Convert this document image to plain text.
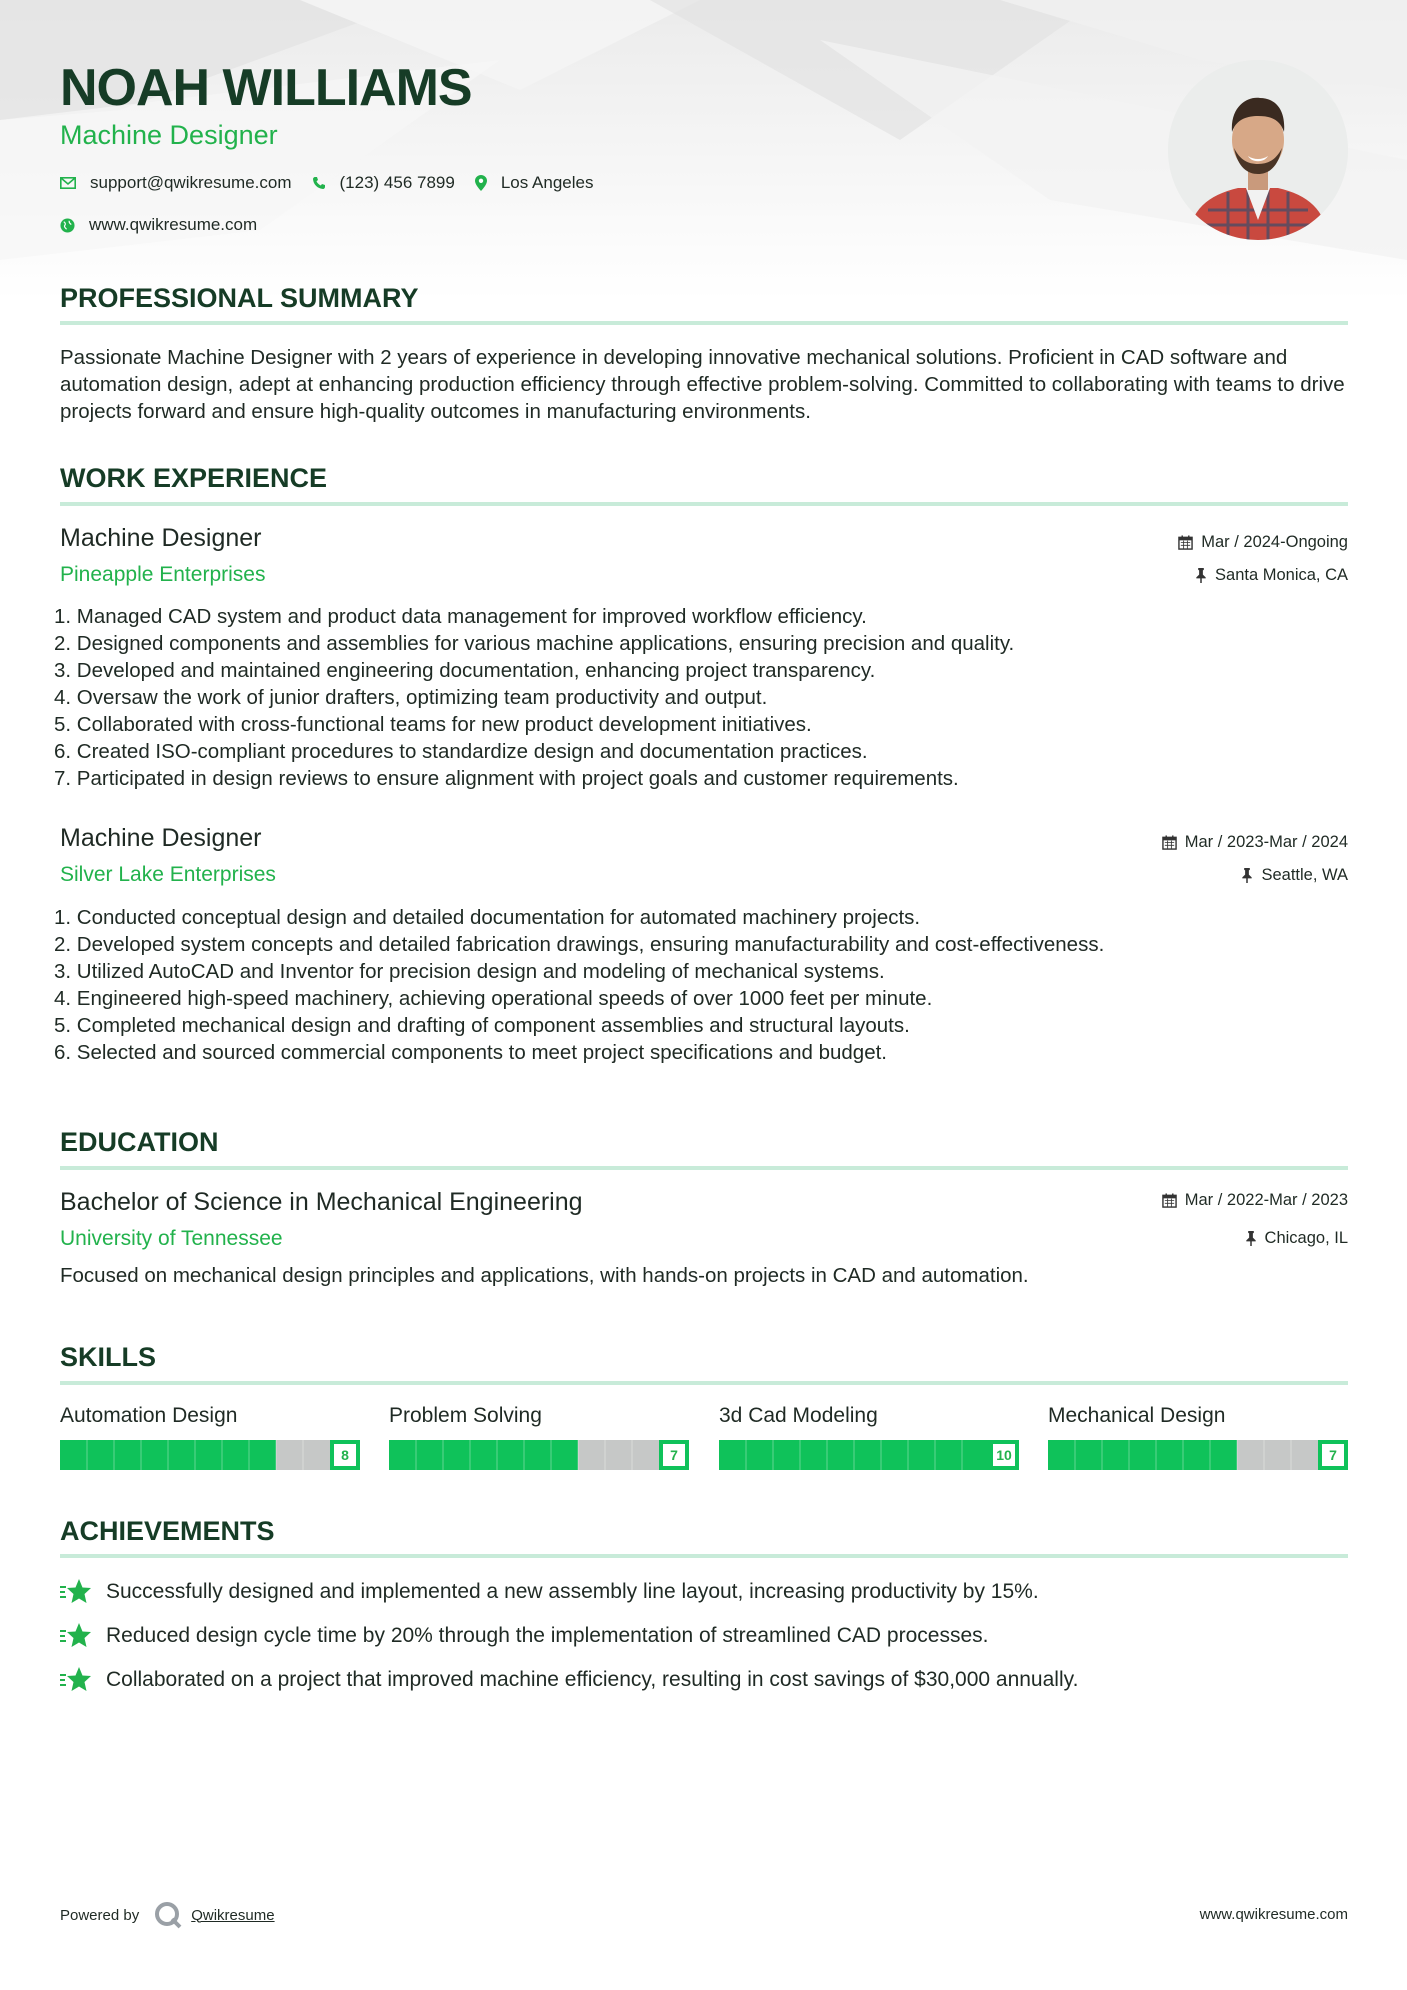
NOAH WILLIAMS
Machine Designer
support@qwikresume.com	(123) 456 7899	Los Angeles
www.qwikresume.com
PROFESSIONAL SUMMARY
Passionate Machine Designer with 2 years of experience in developing innovative mechanical solutions. Proficient in CAD software and automation design, adept at enhancing production efficiency through effective problem-solving. Committed to collaborating with teams to drive projects forward and ensure high-quality outcomes in manufacturing environments.
WORK EXPERIENCE
Machine Designer	Mar / 2024-Ongoing
Pineapple Enterprises	Santa Monica, CA
1. Managed CAD system and product data management for improved workflow efficiency.
2. Designed components and assemblies for various machine applications, ensuring precision and quality.
3. Developed and maintained engineering documentation, enhancing project transparency.
4. Oversaw the work of junior drafters, optimizing team productivity and output.
5. Collaborated with cross-functional teams for new product development initiatives.
6. Created ISO-compliant procedures to standardize design and documentation practices.
7. Participated in design reviews to ensure alignment with project goals and customer requirements.
Machine Designer	Mar / 2023-Mar / 2024
Silver Lake Enterprises	Seattle, WA
1. Conducted conceptual design and detailed documentation for automated machinery projects.
2. Developed system concepts and detailed fabrication drawings, ensuring manufacturability and cost-effectiveness.
3. Utilized AutoCAD and Inventor for precision design and modeling of mechanical systems.
4. Engineered high-speed machinery, achieving operational speeds of over 1000 feet per minute.
5. Completed mechanical design and drafting of component assemblies and structural layouts.
6. Selected and sourced commercial components to meet project specifications and budget.
EDUCATION
Bachelor of Science in Mechanical Engineering	Mar / 2022-Mar / 2023
University of Tennessee	Chicago, IL
Focused on mechanical design principles and applications, with hands-on projects in CAD and automation.
SKILLS
Automation Design
8
Problem Solving
7
3d Cad Modeling
10
Mechanical Design
7
ACHIEVEMENTS
Successfully designed and implemented a new assembly line layout, increasing productivity by 15%.
Reduced design cycle time by 20% through the implementation of streamlined CAD processes.
Collaborated on a project that improved machine efficiency, resulting in cost savings of $30,000 annually.
Powered by	Qwikresume	www.qwikresume.com
